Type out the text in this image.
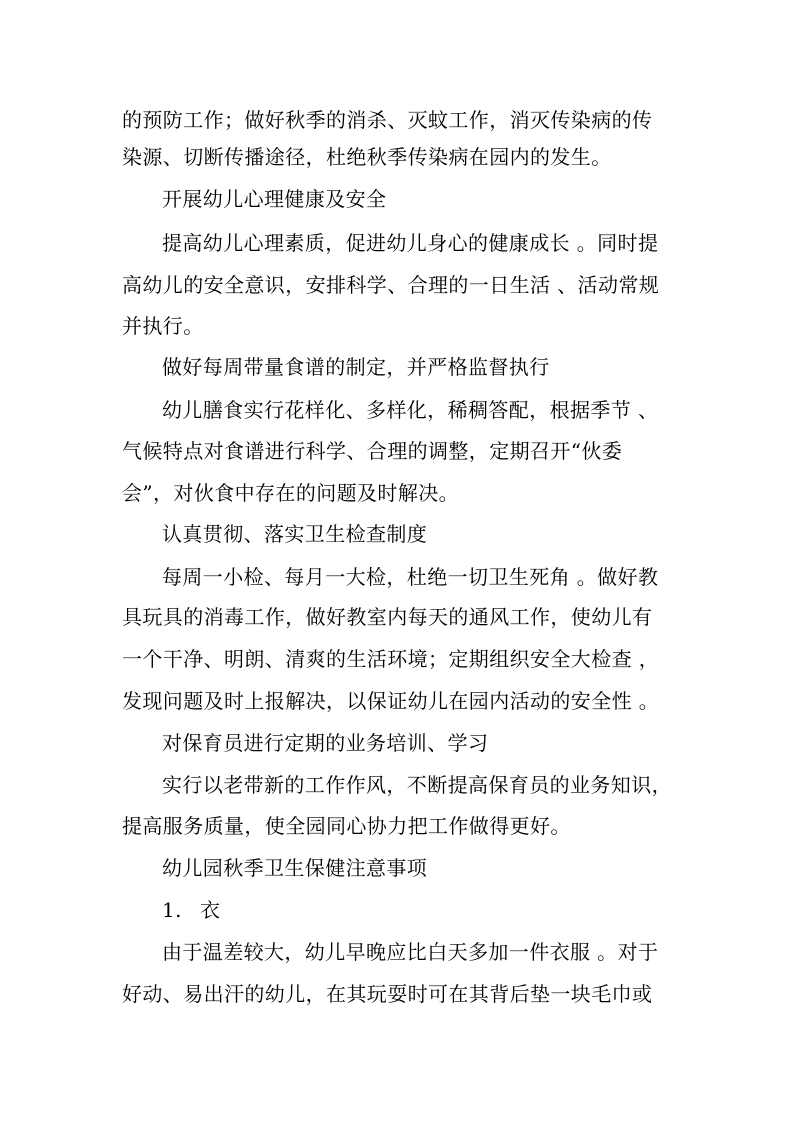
的预防工作；做好秋季的消杀、灭蚊工作，消灭传染病的传
染源、切断传播途径，杜绝秋季传染病在园内的发生。
开展幼儿心理健康及安全
提高幼儿心理素质，促进幼儿身心的健康成长 。同时提
高幼儿的安全意识，安排科学、合理的一日生活 、活动常规
并执行。
做好每周带量食谱的制定，并严格监督执行
幼儿膳食实行花样化、多样化，稀稠答配，根据季节 、
气候特点对食谱进行科学、合理的调整，定期召开“伙委
会”，对伙食中存在的问题及时解决。
认真贯彻、落实卫生检查制度
每周一小检、每月一大检，杜绝一切卫生死角 。做好教
具玩具的消毒工作，做好教室内每天的通风工作，使幼儿有
一个干净、明朗、清爽的生活环境；定期组织安全大检查 ，
发现问题及时上报解决，以保证幼儿在园内活动的安全性 。
对保育员进行定期的业务培训、学习
实行以老带新的工作作风，不断提高保育员的业务知识，
提高服务质量，使全园同心协力把工作做得更好。
幼儿园秋季卫生保健注意事项
1. 衣
由于温差较大，幼儿早晚应比白天多加一件衣服 。对于
好动、易出汗的幼儿，在其玩耍时可在其背后垫一块毛巾或
